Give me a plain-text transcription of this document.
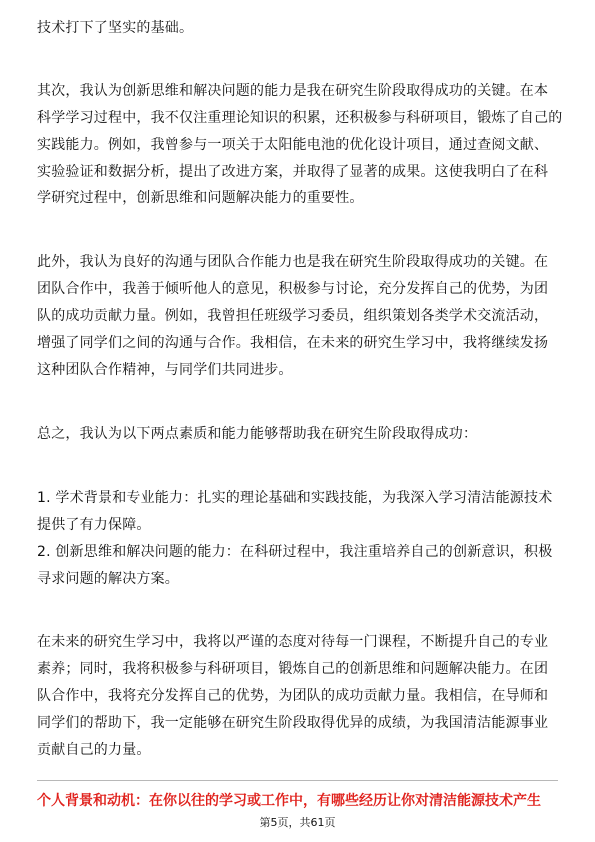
技术打下了坚实的基础。
其次，我认为创新思维和解决问题的能力是我在研究生阶段取得成功的关键。在本
科学学习过程中，我不仅注重理论知识的积累，还积极参与科研项目，锻炼了自己的
实践能力。例如，我曾参与一项关于太阳能电池的优化设计项目，通过查阅文献、
实验验证和数据分析，提出了改进方案，并取得了显著的成果。这使我明白了在科
学研究过程中，创新思维和问题解决能力的重要性。
此外，我认为良好的沟通与团队合作能力也是我在研究生阶段取得成功的关键。在
团队合作中，我善于倾听他人的意见，积极参与讨论，充分发挥自己的优势，为团
队的成功贡献力量。例如，我曾担任班级学习委员，组织策划各类学术交流活动，
增强了同学们之间的沟通与合作。我相信，在未来的研究生学习中，我将继续发扬
这种团队合作精神，与同学们共同进步。
总之，我认为以下两点素质和能力能够帮助我在研究生阶段取得成功：
1. 学术背景和专业能力：扎实的理论基础和实践技能，为我深入学习清洁能源技术
提供了有力保障。
2. 创新思维和解决问题的能力：在科研过程中，我注重培养自己的创新意识，积极
寻求问题的解决方案。
在未来的研究生学习中，我将以严谨的态度对待每一门课程，不断提升自己的专业
素养；同时，我将积极参与科研项目，锻炼自己的创新思维和问题解决能力。在团
队合作中，我将充分发挥自己的优势，为团队的成功贡献力量。我相信，在导师和
同学们的帮助下，我一定能够在研究生阶段取得优异的成绩，为我国清洁能源事业
贡献自己的力量。
个人背景和动机：在你以往的学习或工作中，有哪些经历让你对清洁能源技术产生
第5页，共61页
